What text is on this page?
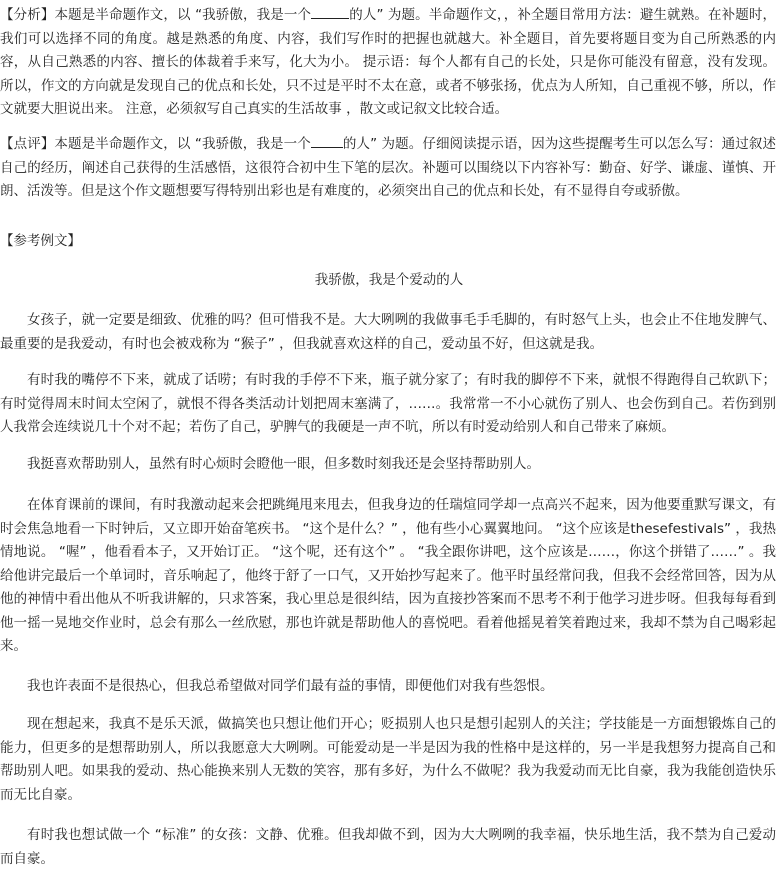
【分析】本题是半命题作文，以 “我骄傲，我是一个	的人” 为题。半命题作文，，补全题目常用方法：避生就熟。在补题时，我们可以选择不同的角度。越是熟悉的角度、内容，我们写作时的把握也就越大。补全题目，首先要将题目变为自己所熟悉的内容，从自己熟悉的内容、擅长的体裁着手来写，化大为小。 提示语：每个人都有自己的长处，只是你可能没有留意，没有发现。 所以，作文的方向就是发现自己的优点和长处，只不过是平时不太在意，或者不够张扬，优点为人所知，自己重视不够，所以，作文就要大胆说出来。 注意，必须叙写自己真实的生活故事 ，散文或记叙文比较合适。

【点评】本题是半命题作文，以 “我骄傲，我是一个 的人” 为题。仔细阅读提示语，因为这些提醒考生可以怎么写：通过叙述自己的经历，阐述自己获得的生活感悟，这很符合初中生下笔的层次。补题可以围绕以下内容补写：勤奋、好学、谦虚、谨慎、开朗、活泼等。但是这个作文题想要写得特别出彩也是有难度的，必须突出自己的优点和长处，有不显得自夸或骄傲。

【参考例文】

我骄傲，我是个爱动的人

女孩子，就一定要是细致、优雅的吗？但可惜我不是。大大咧咧的我做事毛手毛脚的，有时怒气上头，也会止不住地发脾气、最重要的是我爱动，有时也会被戏称为 “猴子” ，但我就喜欢这样的自己，爱动虽不好，但这就是我。

有时我的嘴停不下来，就成了话唠；有时我的手停不下来，瓶子就分家了；有时我的脚停不下来，就恨不得跑得自己软趴下；有时觉得周末时间太空闲了，就恨不得各类活动计划把周末塞满了，……。我常常一不小心就伤了别人、也会伤到自己。若伤到别人我常会连续说几十个对不起；若伤了自己，驴脾气的我硬是一声不吭，所以有时爱动给别人和自己带来了麻烦。

我挺喜欢帮助别人，虽然有时心烦时会瞪他一眼，但多数时刻我还是会坚持帮助别人。

在体育课前的课间，有时我激动起来会把跳绳甩来甩去，但我身边的任瑞煊同学却一点高兴不起来，因为他要重默写课文，有时会焦急地看一下时钟后，又立即开始奋笔疾书。 “这个是什么？” ，他有些小心翼翼地问。 “这个应该是thesefestivals” ，我热情地说。 “喔” ，他看看本子，又开始订正。 “这个呢，还有这个” 。 “我全跟你讲吧，这个应该是……，你这个拼错了……” 。我给他讲完最后一个单词时，音乐响起了，他终于舒了一口气，又开始抄写起来了。他平时虽经常问我，但我不会经常回答，因为从他的神情中看出他从不听我讲解的，只求答案，我心里总是很纠结，因为直接抄答案而不思考不利于他学习进步呀。但我每每看到他一摇一晃地交作业时，总会有那么一丝欣慰，那也许就是帮助他人的喜悦吧。看着他摇晃着笑着跑过来，我却不禁为自己喝彩起来。

我也许表面不是很热心，但我总希望做对同学们最有益的事情，即便他们对我有些怨恨。

现在想起来，我真不是乐天派，做搞笑也只想让他们开心；贬损别人也只是想引起别人的关注；学技能是一方面想锻炼自己的能力，但更多的是想帮助别人，所以我愿意大大咧咧。可能爱动是一半是因为我的性格中是这样的，另一半是我想努力提高自己和帮助别人吧。如果我的爱动、热心能换来别人无数的笑容，那有多好，为什么不做呢？我为我爱动而无比自豪，我为我能创造快乐而无比自豪。

有时我也想试做一个 “标准” 的女孩：文静、优雅。但我却做不到，因为大大咧咧的我幸福，快乐地生活，我不禁为自己爱动而自豪。
